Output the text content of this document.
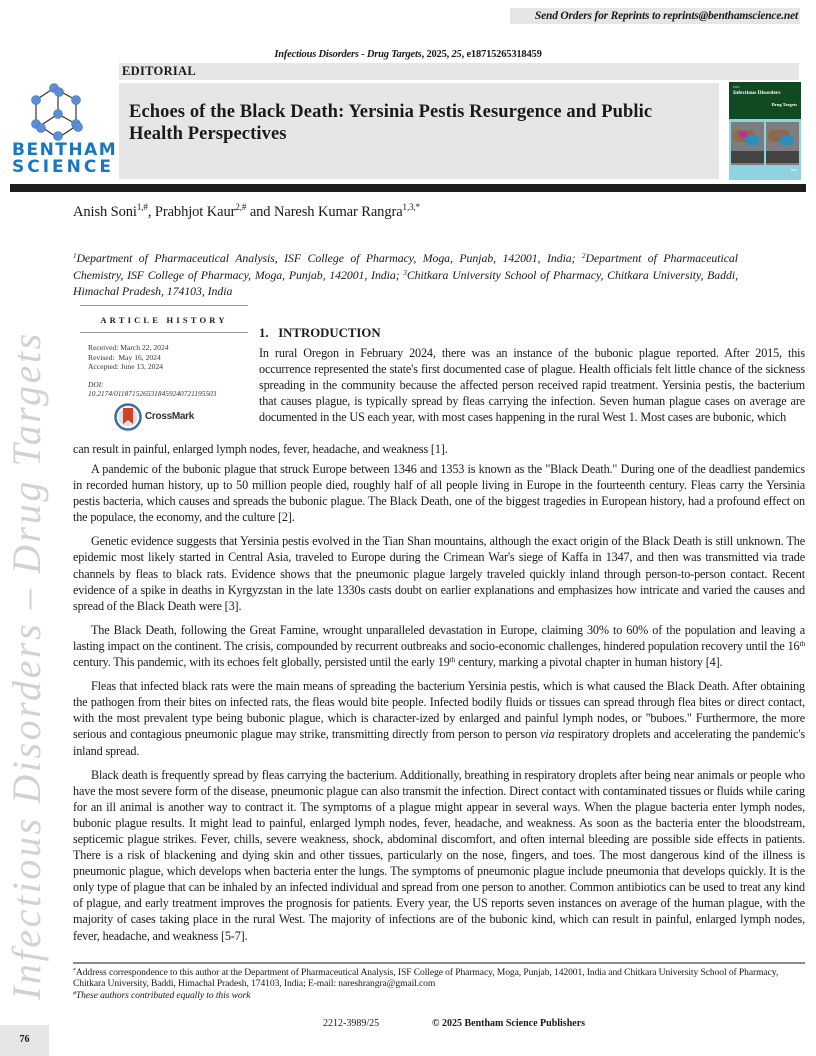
Send Orders for Reprints to reprints@benthamscience.net
Infectious Disorders - Drug Targets, 2025, 25, e18715265318459
EDITORIAL
BENTHAM
SCIENCE
Echoes of the Black Death: Yersinia Pestis Resurgence and Public Health Perspectives
ISSN
Infectious Disorders
Drug Targets
BSP
Anish Soni$^{1,\#}$, Prabhjot Kaur$^{2,\#}$ and Naresh Kumar Rangra$^{1,3,*}$
$^1$Department of Pharmaceutical Analysis, ISF College of Pharmacy, Moga, Punjab, 142001, India; $^2$Department of Pharmaceutical Chemistry, ISF College of Pharmacy, Moga, Punjab, 142001, India; $^3$Chitkara University School of Pharmacy, Chitkara University, Baddi, Himachal Pradesh, 174103, India
ARTICLE HISTORY
Received: March 22, 2024
Revised:  May 16, 2024
Accepted: June 13, 2024
DOI:
10.2174/0118715265318459240721195503
CrossMark
1.   INTRODUCTION
In rural Oregon in February 2024, there was an instance of the bubonic plague reported. After 2015, this occurrence represented the state's first documented case of plague. Health officials felt little chance of the sickness spreading in the community because the affected person received rapid treatment. Yersinia pestis, the bacterium that causes plague, is typically spread by fleas carrying the infection. Seven human plague cases on average are documented in the US each year, with most cases happening in the rural West 1. Most cases are bubonic, which
can result in painful, enlarged lymph nodes, fever, headache, and weakness [1].

A pandemic of the bubonic plague that struck Europe between 1346 and 1353 is known as the "Black Death." During one of the deadliest pandemics in recorded human history, up to 50 million people died, roughly half of all people living in Europe in the fourteenth century. Fleas carry the Yersinia pestis bacteria, which causes and spreads the bubonic plague. The Black Death, one of the biggest tragedies in European history, had a profound effect on the populace, the economy, and the culture [2].

Genetic evidence suggests that Yersinia pestis evolved in the Tian Shan mountains, although the exact origin of the Black Death is still unknown. The epidemic most likely started in Central Asia, traveled to Europe during the Crimean War's siege of Kaffa in 1347, and then was transmitted via trade channels by fleas to black rats. Evidence shows that the pneumonic plague largely traveled quickly inland through person-to-person contact. Recent evidence of a spike in deaths in Kyrgyzstan in the late 1330s casts doubt on earlier explanations and emphasizes how intricate and varied the causes and spread of the Black Death were [3].

The Black Death, following the Great Famine, wrought unparalleled devastation in Europe, claiming 30% to 60% of the population and leaving a lasting impact on the continent. The crisis, compounded by recurrent outbreaks and socio-economic challenges, hindered population recovery until the 16th century. This pandemic, with its echoes felt globally, persisted until the early 19th century, marking a pivotal chapter in human history [4].

Fleas that infected black rats were the main means of spreading the bacterium Yersinia pestis, which is what caused the Black Death. After obtaining the pathogen from their bites on infected rats, the fleas would bite people. Infected bodily fluids or tissues can spread through flea bites or direct contact, with the most prevalent type being bubonic plague, which is character-ized by enlarged and painful lymph nodes, or "buboes." Furthermore, the more serious and contagious pneumonic plague may strike, transmitting directly from person to person via respiratory droplets and accelerating the pandemic's inland spread.

Black death is frequently spread by fleas carrying the bacterium. Additionally, breathing in respiratory droplets after being near animals or people who have the most severe form of the disease, pneumonic plague can also transmit the infection. Direct contact with contaminated tissues or fluids while caring for an ill animal is another way to contract it. The symptoms of a plague might appear in several ways. When the plague bacteria enter lymph nodes, bubonic plague results. It might lead to painful, enlarged lymph nodes, fever, headache, and weakness. As soon as the bacteria enter the bloodstream, septicemic plague strikes. Fever, chills, severe weakness, shock, abdominal discomfort, and often internal bleeding are possible side effects in patients. There is a risk of blackening and dying skin and other tissues, particularly on the nose, fingers, and toes. The most dangerous kind of the illness is pneumonic plague, which develops when bacteria enter the lungs. The symptoms of pneumonic plague include pneumonia that develops quickly. It is the only type of plague that can be inhaled by an infected individual and spread from one person to another. Common antibiotics can be used to treat any kind of plague, and early treatment improves the prognosis for patients. Every year, the US reports seven instances on average of the human plague, with the majority of cases taking place in the rural West. The majority of infections are of the bubonic kind, which can result in painful, enlarged lymph nodes, fever, headache, and weakness [5-7].

*Address correspondence to this author at the Department of Pharmaceutical Analysis, ISF College of Pharmacy, Moga, Punjab, 142001, India and Chitkara University School of Pharmacy, Chitkara University, Baddi, Himachal Pradesh, 174103, India; E-mail: nareshrangra@gmail.com
#These authors contributed equally to this work
2212-3989/25	© 2025 Bentham Science Publishers
76
Infectious Disorders – Drug Targets
